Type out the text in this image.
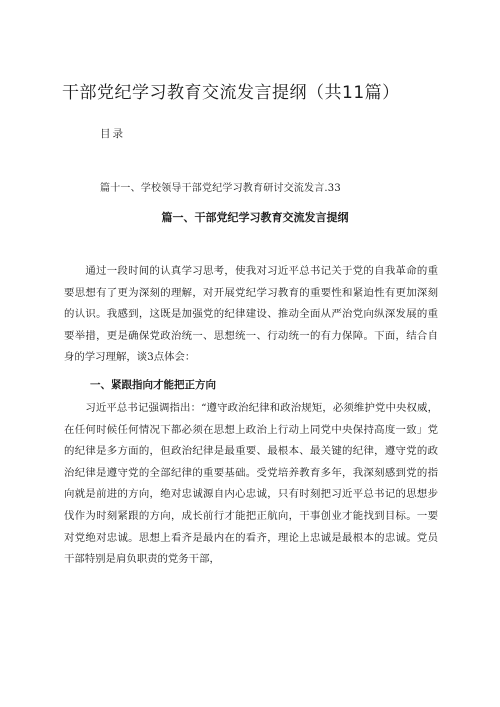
干部党纪学习教育交流发言提纲（共11篇）
目录
篇十一、学校领导干部党纪学习教育研讨交流发言.33
篇一、干部党纪学习教育交流发言提纲

通过一段时间的认真学习思考，使我对习近平总书记关于党的自我革命的重要思想有了更为深刻的理解，对开展党纪学习教育的重要性和紧迫性有更加深刻的认识。我感到，这既是加强党的纪律建设、推动全面从严治党向纵深发展的重要举措，更是确保党政治统一、思想统一、行动统一的有力保障。下面，结合自身的学习理解，谈3点体会：

一、紧跟指向才能把正方向

习近平总书记强调指出：“遵守政治纪律和政治规矩，必须维护党中央权威，在任何时候任何情况下都必须在思想上政治上行动上同党中央保持高度一致」党的纪律是多方面的，但政治纪律是最重要、最根本、最关键的纪律，遵守党的政治纪律是遵守党的全部纪律的重要基础。受党培养教育多年，我深刻感到党的指向就是前进的方向，绝对忠诚源自内心忠诚，只有时刻把习近平总书记的思想步伐作为时刻紧跟的方向，成长前行才能把正航向，干事创业才能找到目标。一要对党绝对忠诚。思想上看齐是最内在的看齐，理论上忠诚是最根本的忠诚。党员干部特别是肩负职责的党务干部，
